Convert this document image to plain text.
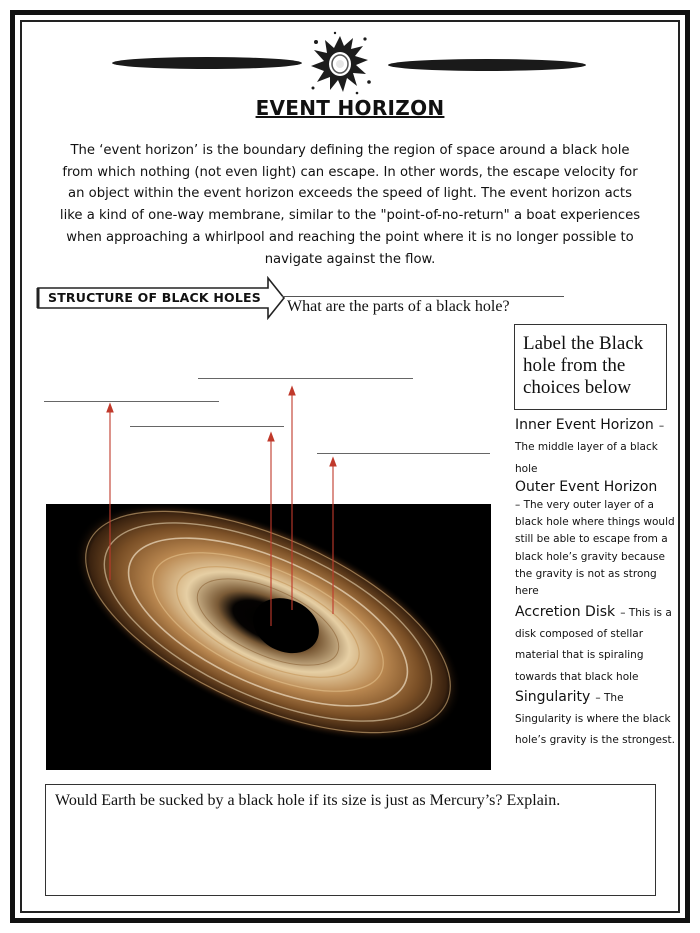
EVENT HORIZON

The ‘event horizon’ is the boundary defining the region of space around a black hole from which nothing (not even light) can escape. In other words, the escape velocity for an object within the event horizon exceeds the speed of light. The event horizon acts like a kind of one-way membrane, similar to the "point-of-no-return" a boat experiences when approaching a whirlpool and reaching the point where it is no longer possible to navigate against the flow.

STRUCTURE OF BLACK HOLES
What are the parts of a black hole?
Label the Black hole from the choices below
Inner Event Horizon – The middle layer of a black hole
Outer Event Horizon
– The very outer layer of a black hole where things would still be able to escape from a black hole’s gravity because the gravity is not as strong here
Accretion Disk – This is a disk composed of stellar material that is spiraling towards that black hole
Singularity – The Singularity is where the black hole’s gravity is the strongest.
Would Earth be sucked by a black hole if its size is just as Mercury’s? Explain.
